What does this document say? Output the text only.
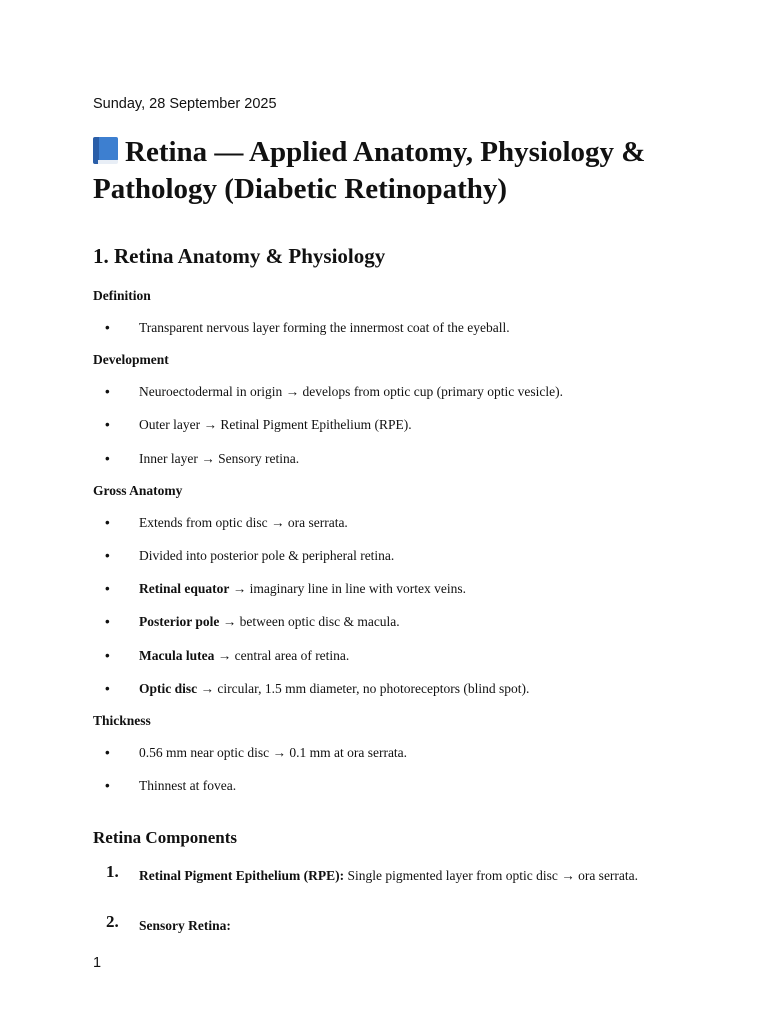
Sunday, 28 September 2025
Retina — Applied Anatomy, Physiology & Pathology (Diabetic Retinopathy)
1. Retina Anatomy & Physiology
Definition
• Transparent nervous layer forming the innermost coat of the eyeball.
Development
• Neuroectodermal in origin → develops from optic cup (primary optic vesicle).
• Outer layer → Retinal Pigment Epithelium (RPE).
• Inner layer → Sensory retina.
Gross Anatomy
• Extends from optic disc → ora serrata.
• Divided into posterior pole & peripheral retina.
• Retinal equator → imaginary line in line with vortex veins.
• Posterior pole → between optic disc & macula.
• Macula lutea → central area of retina.
• Optic disc → circular, 1.5 mm diameter, no photoreceptors (blind spot).
Thickness
• 0.56 mm near optic disc → 0.1 mm at ora serrata.
• Thinnest at fovea.
Retina Components
1. Retinal Pigment Epithelium (RPE): Single pigmented layer from optic disc → ora serrata.
2. Sensory Retina:
1
